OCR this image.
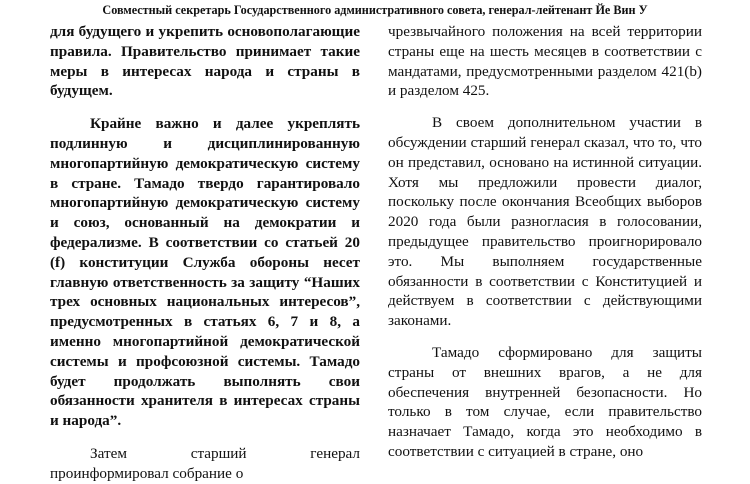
Совместный секретарь Государственного административного совета, генерал-лейтенант Йе Вин У

для будущего и укрепить основополагающие правила. Правительство принимает такие меры в интересах народа и страны в будущем.

Крайне важно и далее укреплять подлинную и дисциплинированную многопартийную демократическую систему в стране. Тамадо твердо гарантировало многопартийную демократическую систему и союз, основанный на демократии и федерализме. В соответствии со статьей 20 (f) конституции Служба обороны несет главную ответственность за защиту “Наших трех основных национальных интересов”, предусмотренных в статьях 6, 7 и 8, а именно многопартийной демократической системы и профсоюзной системы. Тамадо будет продолжать выполнять свои обязанности хранителя в интересах страны и народа”.

Затем старший генерал проинформировал собрание о

чрезвычайного положения на всей территории страны еще на шесть месяцев в соответствии с мандатами, предусмотренными разделом 421(b) и разделом 425.

В своем дополнительном участии в обсуждении старший генерал сказал, что то, что он представил, основано на истинной ситуации. Хотя мы предложили провести диалог, поскольку после окончания Всеобщих выборов 2020 года были разногласия в голосовании, предыдущее правительство проигнорировало это. Мы выполняем государственные обязанности в соответствии с Конституцией и действуем в соответствии с действующими законами.

Тамадо сформировано для защиты страны от внешних врагов, а не для обеспечения внутренней безопасности. Но только в том случае, если правительство назначает Тамадо, когда это необходимо в соответствии с ситуацией в стране, оно
